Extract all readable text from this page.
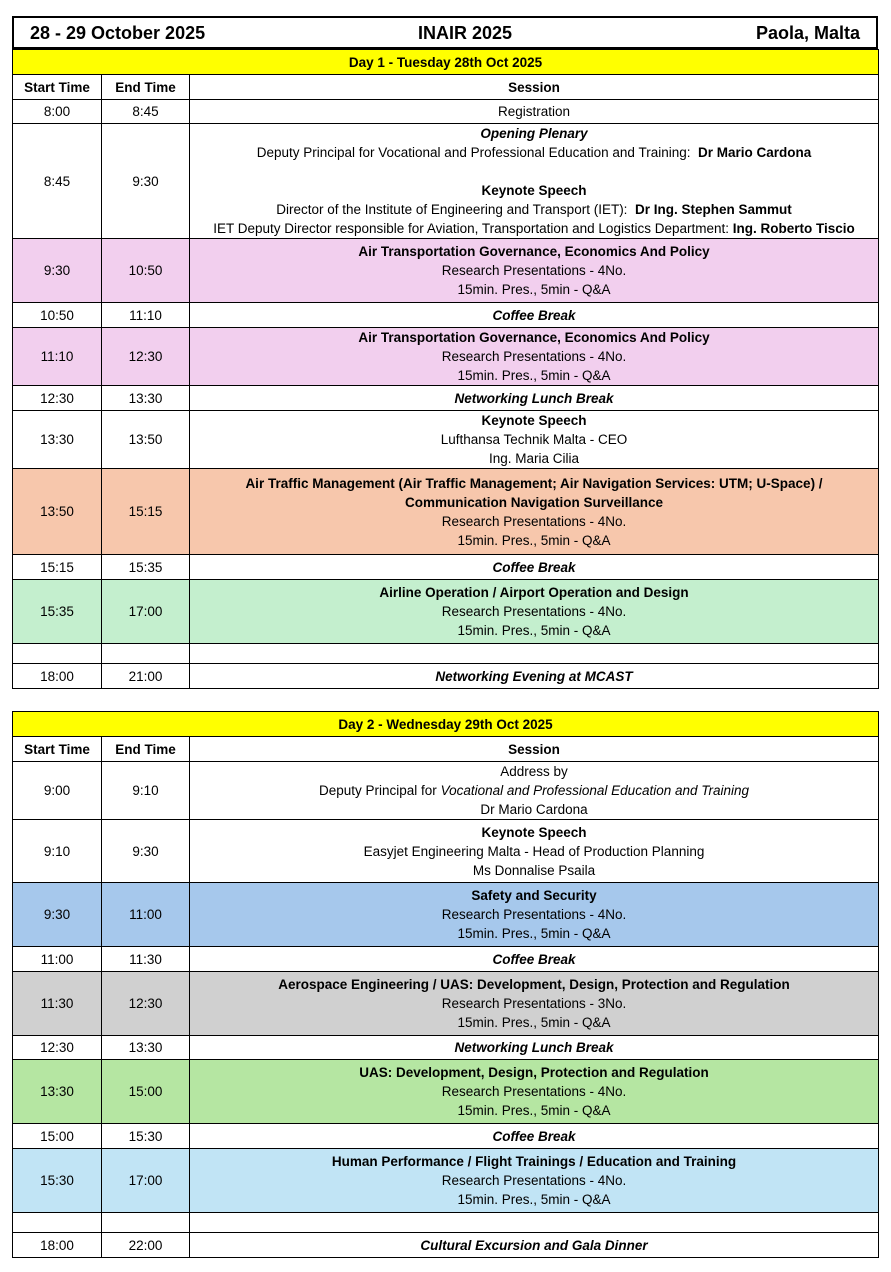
28 - 29 October 2025	INAIR 2025	Paola, Malta
Day 1 - Tuesday 28th Oct 2025		
Start Time	End Time	Session
8:00	8:45	Registration

8:45	9:30	Opening Plenary
Deputy Principal for Vocational and Professional Education and Training: Dr Mario Cardona
Keynote Speech
Director of the Institute of Engineering and Transport (IET): Dr Ing. Stephen Sammut
IET Deputy Director responsible for Aviation, Transportation and Logistics Department: Ing. Roberto Tiscio

9:30	10:50	Air Transportation Governance, Economics And Policy
Research Presentations - 4No.
15min. Pres., 5min - Q&A

10:50	11:10	Coffee Break
11:10	12:30	Air Transportation Governance, Economics And Policy
Research Presentations - 4No.
15min. Pres., 5min - Q&A

12:30	13:30	Networking Lunch Break
13:30	13:50	Keynote Speech
Lufthansa Technik Malta - CEO
Ing. Maria Cilia

13:50	15:15	Air Traffic Management (Air Traffic Management; Air Navigation Services: UTM; U-Space) /
Communication Navigation Surveillance
Research Presentations - 4No.
15min. Pres., 5min - Q&A

15:15	15:35	Coffee Break
15:35	17:00	Airline Operation / Airport Operation and Design
Research Presentations - 4No.
15min. Pres., 5min - Q&A

18:00	21:00	Networking Evening at MCAST
Day 2 - Wednesday 29th Oct 2025		
Start Time	End Time	Session
9:00	9:10	Address by
Deputy Principal for Vocational and Professional Education and Training
Dr Mario Cardona

9:10	9:30	Keynote Speech
Easyjet Engineering Malta - Head of Production Planning
Ms Donnalise Psaila

9:30	11:00	Safety and Security
Research Presentations - 4No.
15min. Pres., 5min - Q&A

11:00	11:30	Coffee Break
11:30	12:30	Aerospace Engineering / UAS: Development, Design, Protection and Regulation
Research Presentations - 3No.
15min. Pres., 5min - Q&A

12:30	13:30	Networking Lunch Break
13:30	15:00	UAS: Development, Design, Protection and Regulation
Research Presentations - 4No.
15min. Pres., 5min - Q&A

15:00	15:30	Coffee Break
15:30	17:00	Human Performance / Flight Trainings / Education and Training
Research Presentations - 4No.
15min. Pres., 5min - Q&A

18:00	22:00	Cultural Excursion and Gala Dinner
